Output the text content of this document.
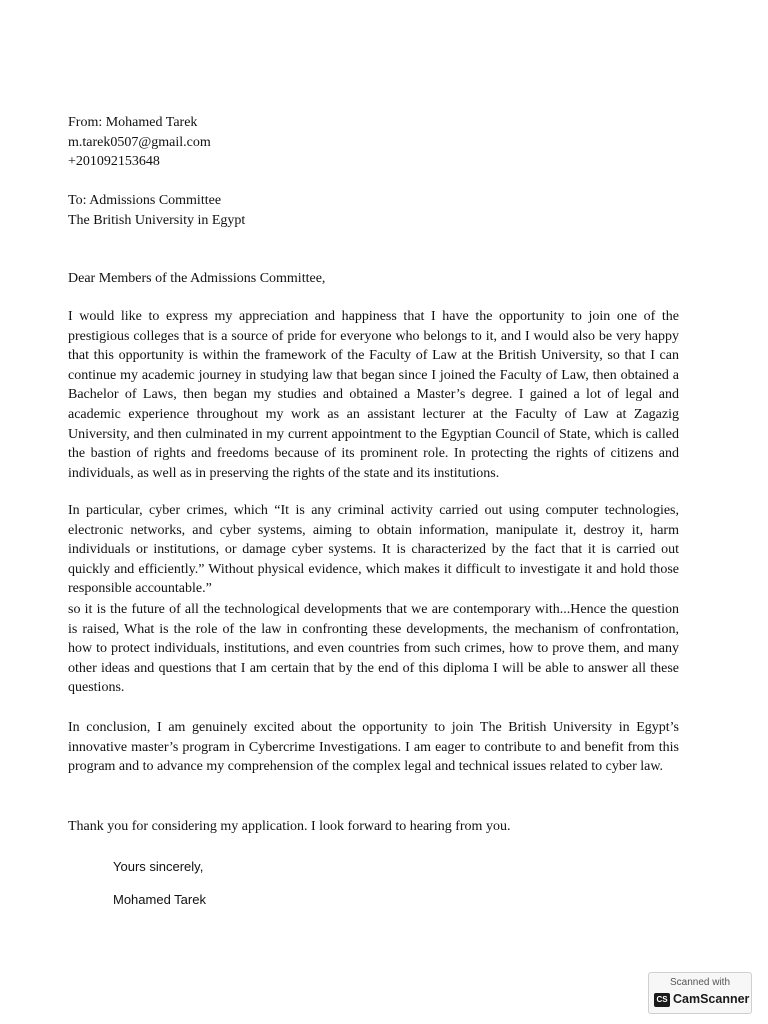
From: Mohamed Tarek

m.tarek0507@gmail.com

+201092153648

To: Admissions Committee

The British University in Egypt

Dear Members of the Admissions Committee,

I would like to express my appreciation and happiness that I have the opportunity to join one of the prestigious colleges that is a source of pride for everyone who belongs to it, and I would also be very happy that this opportunity is within the framework of the Faculty of Law at the British University, so that I can continue my academic journey in studying law that began since I joined the Faculty of Law, then obtained a Bachelor of Laws, then began my studies and obtained a Master’s degree. I gained a lot of legal and academic experience throughout my work as an assistant lecturer at the Faculty of Law at Zagazig University, and then culminated in my current appointment to the Egyptian Council of State, which is called the bastion of rights and freedoms because of its prominent role. In protecting the rights of citizens and individuals, as well as in preserving the rights of the state and its institutions.

In particular, cyber crimes, which “It is any criminal activity carried out using computer technologies, electronic networks, and cyber systems, aiming to obtain information, manipulate it, destroy it, harm individuals or institutions, or damage cyber systems. It is characterized by the fact that it is carried out quickly and efficiently.” Without physical evidence, which makes it difficult to investigate it and hold those responsible accountable.”

so it is the future of all the technological developments that we are contemporary with...Hence the question is raised, What is the role of the law in confronting these developments, the mechanism of confrontation, how to protect individuals, institutions, and even countries from such crimes, how to prove them, and many other ideas and questions that I am certain that by the end of this diploma I will be able to answer all these questions.

In conclusion, I am genuinely excited about the opportunity to join The British University in Egypt’s innovative master’s program in Cybercrime Investigations. I am eager to contribute to and benefit from this program and to advance my comprehension of the complex legal and technical issues related to cyber law.

Thank you for considering my application. I look forward to hearing from you.

Yours sincerely,

Mohamed Tarek

Scanned with
CS CamScanner
